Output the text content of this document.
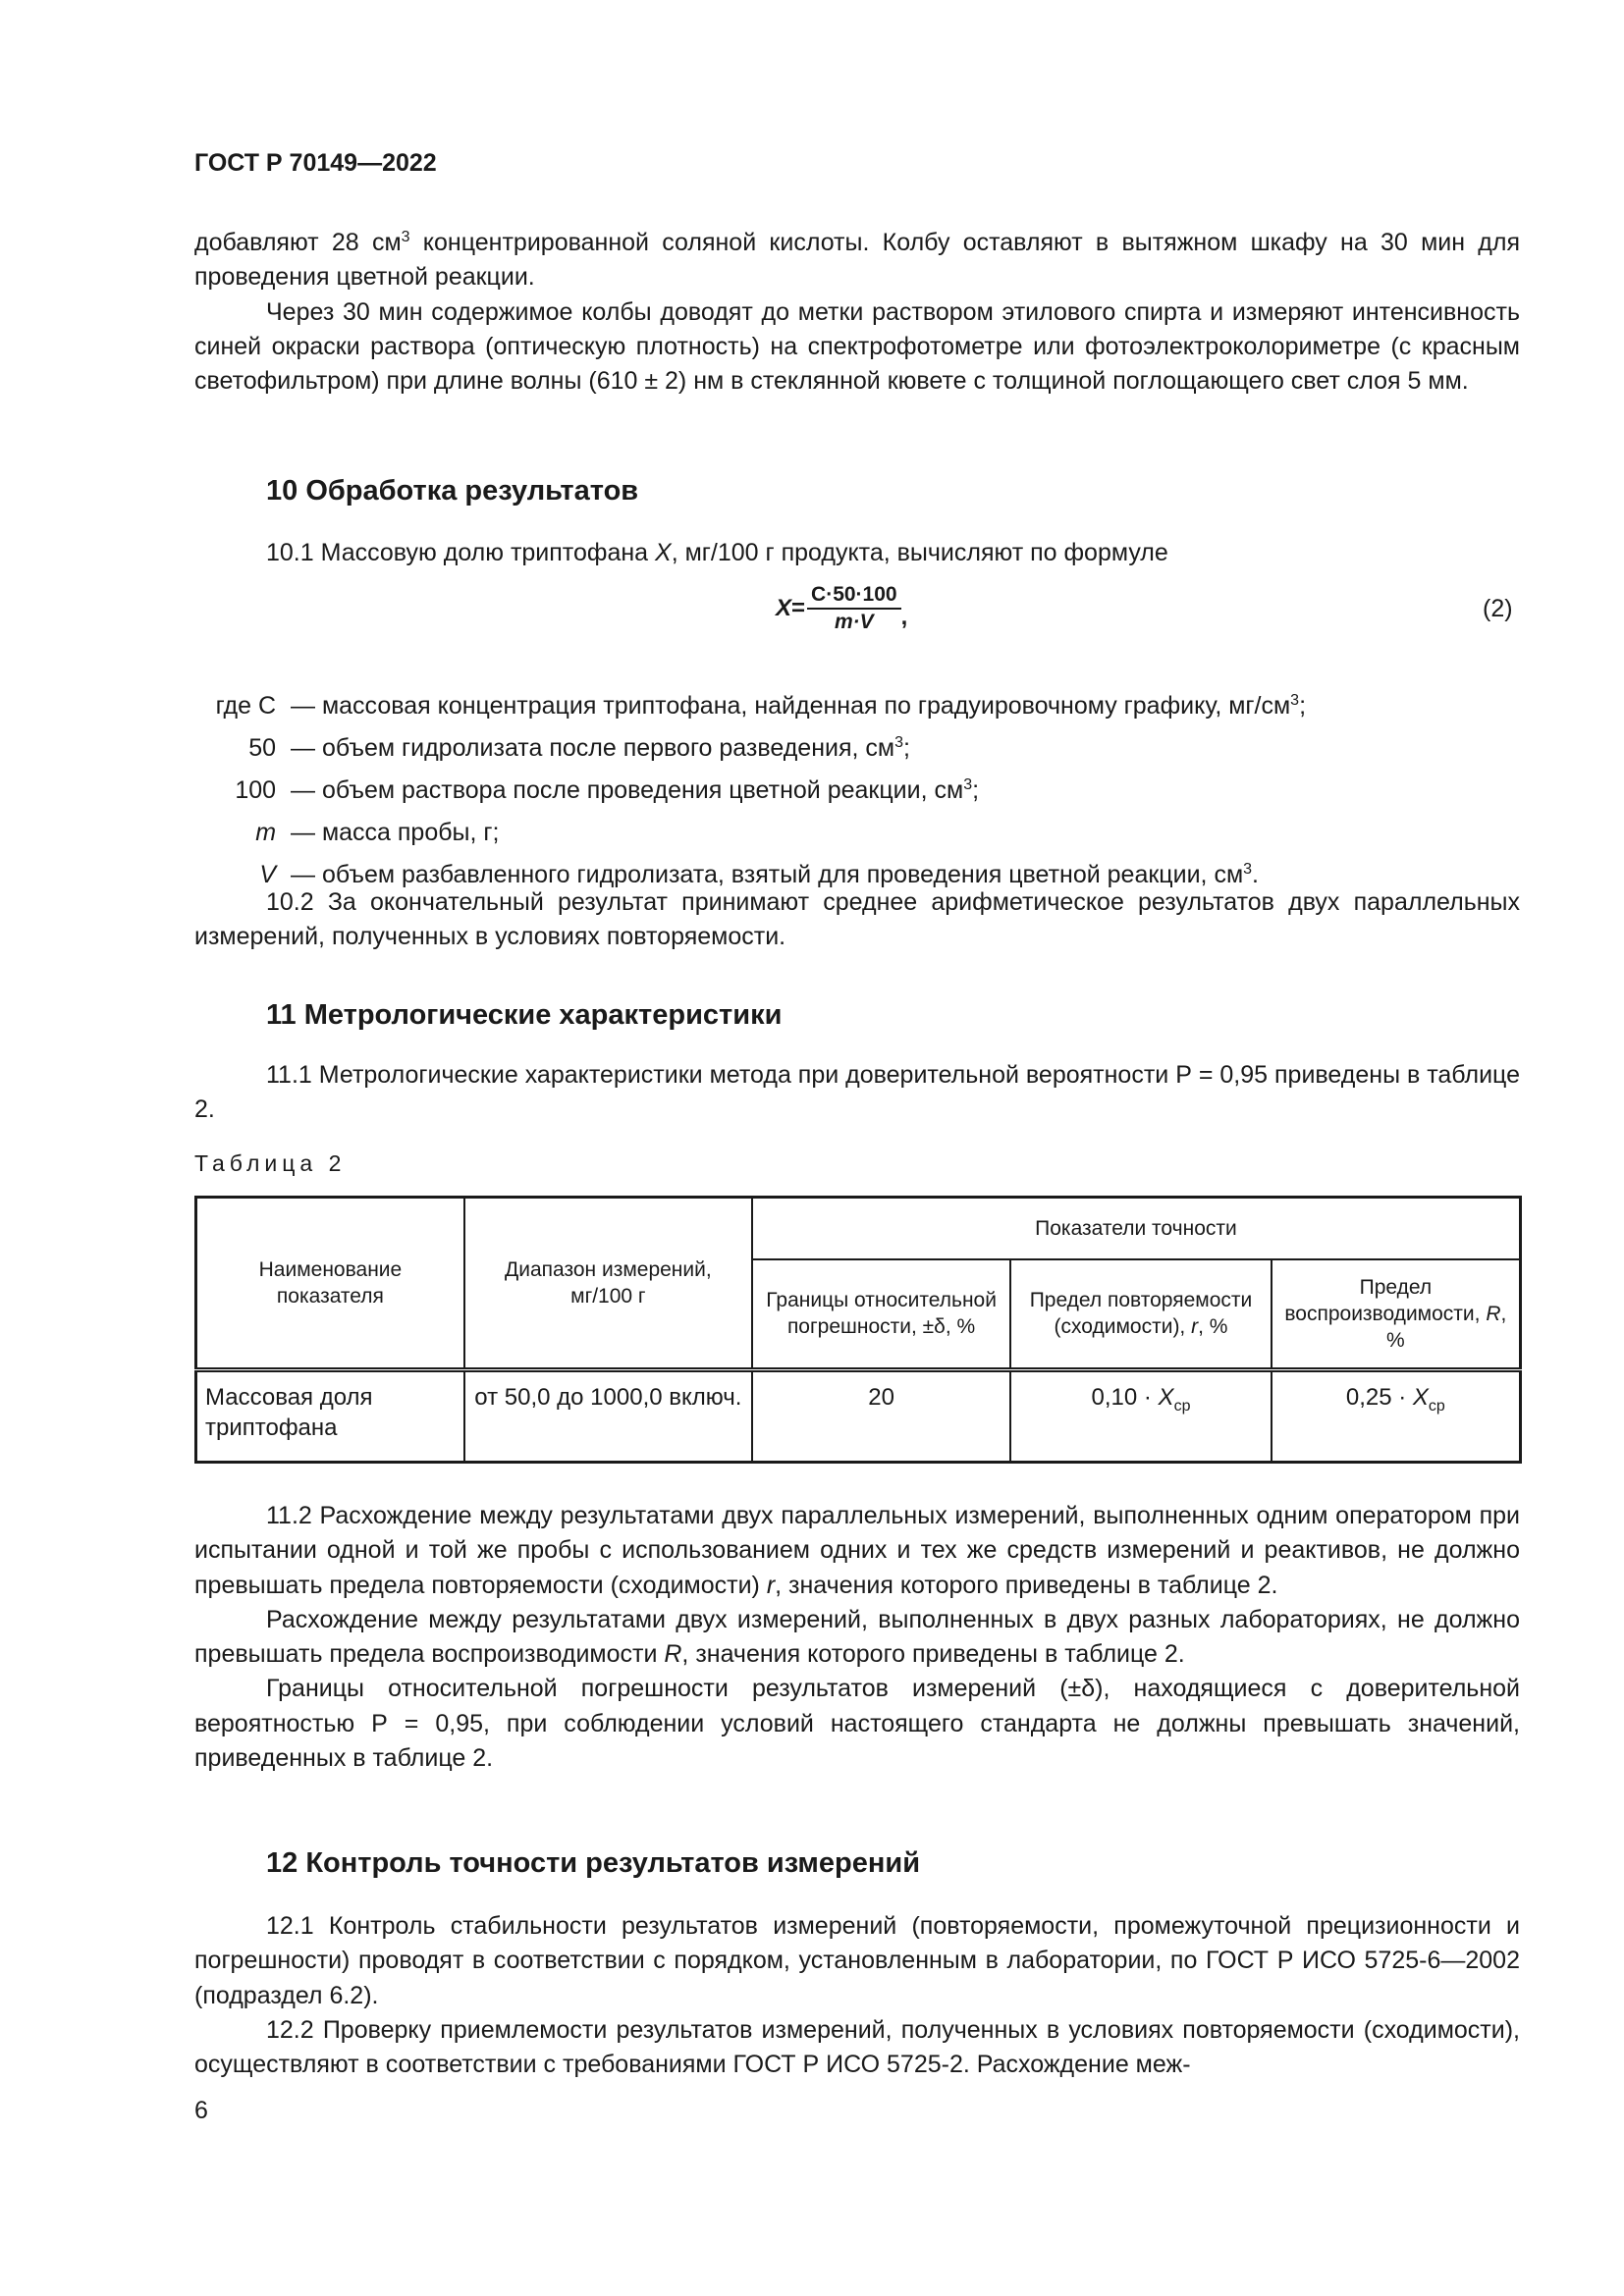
ГОСТ Р 70149—2022

добавляют 28 $см^3$ концентрированной соляной кислоты. Колбу оставляют в вытяжном шкафу на 30 мин для проведения цветной реакции.

Через 30 мин содержимое колбы доводят до метки раствором этилового спирта и измеряют интенсивность синей окраски раствора (оптическую плотность) на спектрофотометре или фотоэлектроколориметре (с красным светофильтром) при длине волны (610 ± 2) нм в стеклянной кювете с толщиной поглощающего свет слоя 5 мм.

10 Обработка результатов

10.1 Массовую долю триптофана X, мг/100 г продукта, вычисляют по формуле

$X = \frac{C\cdot 50\cdot 100}{m\cdot V}$ ,	(2)
где C — массовая концентрация триптофана, найденная по градуировочному графику, $мг/см^3$;
50 — объем гидролизата после первого разведения, $см^3$;
100 — объем раствора после проведения цветной реакции, $см^3$;
m — масса пробы, г;
V — объем разбавленного гидролизата, взятый для проведения цветной реакции, $см^3$.

10.2 За окончательный результат принимают среднее арифметическое результатов двух параллельных измерений, полученных в условиях повторяемости.

11 Метрологические характеристики

11.1 Метрологические характеристики метода при доверительной вероятности Р = 0,95 приведены в таблице 2.

Таблица 2
Наименование показателя	Диапазон измерений, мг/100 г	Показатели точности		
		Границы относительной погрешности, ±δ, %	Предел повторяемости (сходимости), r, %	Предел воспроизводимости, R, %
Массовая доля триптофана	от 50,0 до 1000,0 включ.	20	$0,10 \cdot X_{ср}$	$0,25 \cdot X_{ср}$

11.2 Расхождение между результатами двух параллельных измерений, выполненных одним оператором при испытании одной и той же пробы с использованием одних и тех же средств измерений и реактивов, не должно превышать предела повторяемости (сходимости) r, значения которого приведены в таблице 2.

Расхождение между результатами двух измерений, выполненных в двух разных лабораториях, не должно превышать предела воспроизводимости R, значения которого приведены в таблице 2.

Границы относительной погрешности результатов измерений (±δ), находящиеся с доверительной вероятностью Р = 0,95, при соблюдении условий настоящего стандарта не должны превышать значений, приведенных в таблице 2.

12 Контроль точности результатов измерений

12.1 Контроль стабильности результатов измерений (повторяемости, промежуточной прецизионности и погрешности) проводят в соответствии с порядком, установленным в лаборатории, по ГОСТ Р ИСО 5725-6—2002 (подраздел 6.2).

12.2 Проверку приемлемости результатов измерений, полученных в условиях повторяемости (сходимости), осуществляют в соответствии с требованиями ГОСТ Р ИСО 5725-2. Расхождение меж-

6
